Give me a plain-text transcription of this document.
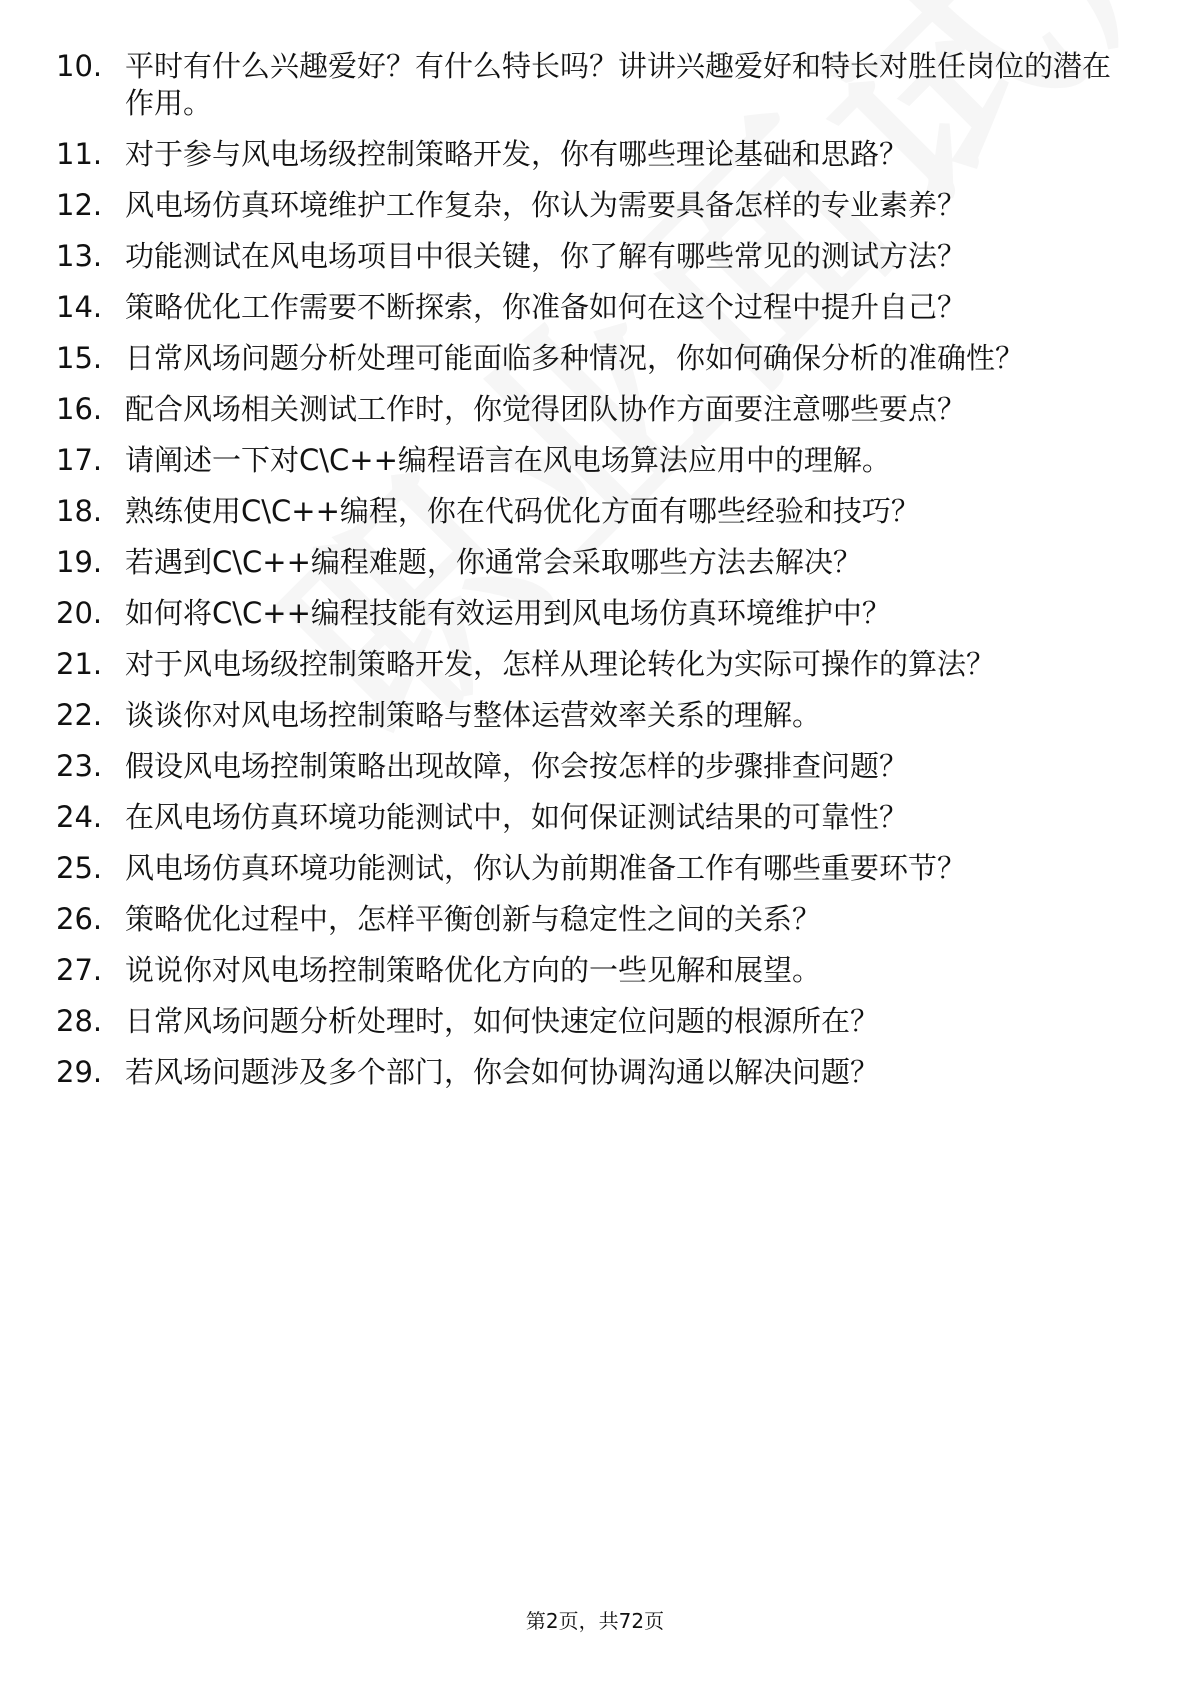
10. 平时有什么兴趣爱好？有什么特长吗？讲讲兴趣爱好和特长对胜任岗位的潜在作用。
11. 对于参与风电场级控制策略开发，你有哪些理论基础和思路？
12. 风电场仿真环境维护工作复杂，你认为需要具备怎样的专业素养？
13. 功能测试在风电场项目中很关键，你了解有哪些常见的测试方法？
14. 策略优化工作需要不断探索，你准备如何在这个过程中提升自己？
15. 日常风场问题分析处理可能面临多种情况，你如何确保分析的准确性？
16. 配合风场相关测试工作时，你觉得团队协作方面要注意哪些要点？
17. 请阐述一下对C\C++编程语言在风电场算法应用中的理解。
18. 熟练使用C\C++编程，你在代码优化方面有哪些经验和技巧？
19. 若遇到C\C++编程难题，你通常会采取哪些方法去解决？
20. 如何将C\C++编程技能有效运用到风电场仿真环境维护中？
21. 对于风电场级控制策略开发，怎样从理论转化为实际可操作的算法？
22. 谈谈你对风电场控制策略与整体运营效率关系的理解。
23. 假设风电场控制策略出现故障，你会按怎样的步骤排查问题？
24. 在风电场仿真环境功能测试中，如何保证测试结果的可靠性？
25. 风电场仿真环境功能测试，你认为前期准备工作有哪些重要环节？
26. 策略优化过程中，怎样平衡创新与稳定性之间的关系？
27. 说说你对风电场控制策略优化方向的一些见解和展望。
28. 日常风场问题分析处理时，如何快速定位问题的根源所在？
29. 若风场问题涉及多个部门，你会如何协调沟通以解决问题？
第2页，共72页
